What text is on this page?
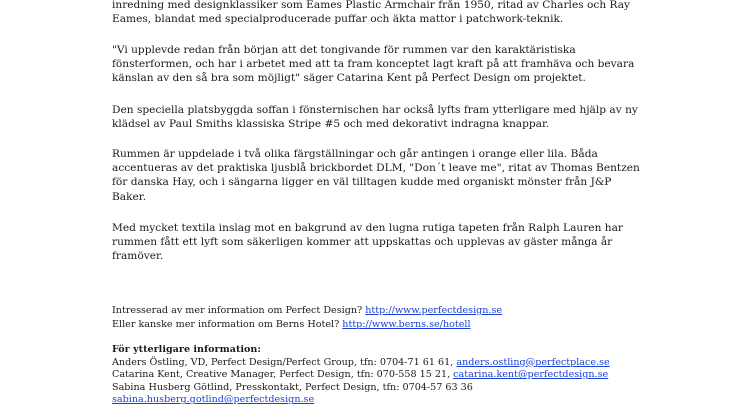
inredning med designklassiker som Eames Plastic Armchair från 1950, ritad av Charles och Ray
Eames, blandat med specialproducerade puffar och äkta mattor i patchwork-teknik.
"Vi upplevde redan från början att det tongivande för rummen var den karaktäristiska
fönsterformen, och har i arbetet med att ta fram konceptet lagt kraft på att framhäva och bevara
känslan av den så bra som möjligt" säger Catarina Kent på Perfect Design om projektet.
Den speciella platsbyggda soffan i fönsternischen har också lyfts fram ytterligare med hjälp av ny
klädsel av Paul Smiths klassiska Stripe #5 och med dekorativt indragna knappar.
Rummen är uppdelade i två olika färgställningar och går antingen i orange eller lila. Båda
accentueras av det praktiska ljusblå brickbordet DLM, "Don´t leave me", ritat av Thomas Bentzen
för danska Hay, och i sängarna ligger en väl tilltagen kudde med organiskt mönster från J&P
Baker.
Med mycket textila inslag mot en bakgrund av den lugna rutiga tapeten från Ralph Lauren har
rummen fått ett lyft som säkerligen kommer att uppskattas och upplevas av gäster många år
framöver.
Intresserad av mer information om Perfect Design? http://www.perfectdesign.se
Eller kanske mer information om Berns Hotel? http://www.berns.se/hotell
För ytterligare information:
Anders Östling, VD, Perfect Design/Perfect Group, tfn: 0704-71 61 61, anders.ostling@perfectplace.se
Catarina Kent, Creative Manager, Perfect Design, tfn: 070-558 15 21, catarina.kent@perfectdesign.se
Sabina Husberg Götlind, Presskontakt, Perfect Design, tfn: 0704-57 63 36
sabina.husberg.gotlind@perfectdesign.se
